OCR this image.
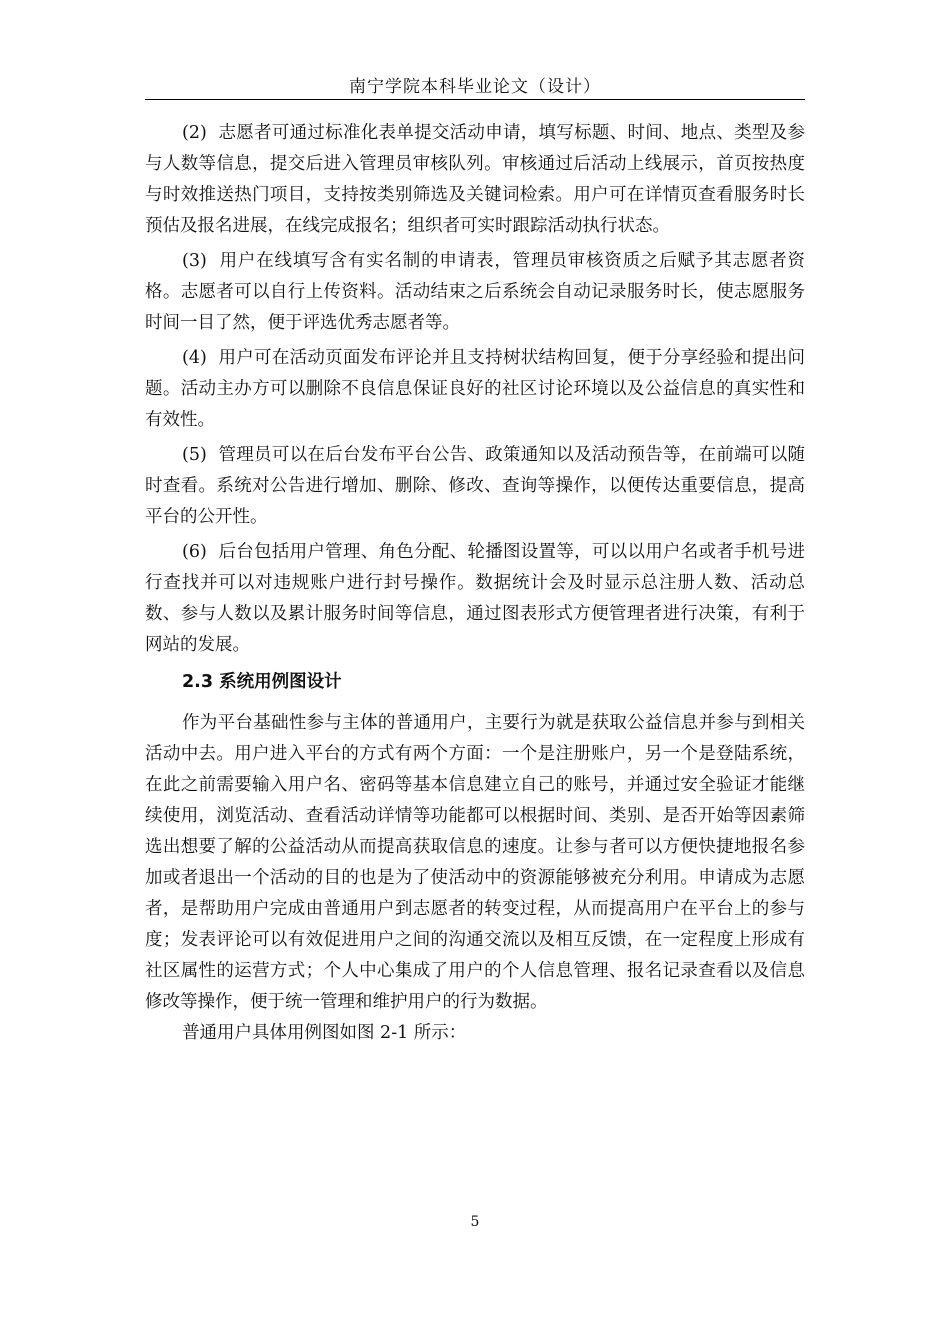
南宁学院本科毕业论文（设计）

(2) 志愿者可通过标准化表单提交活动申请，填写标题、时间、地点、类型及参与人数等信息，提交后进入管理员审核队列。审核通过后活动上线展示，首页按热度与时效推送热门项目，支持按类别筛选及关键词检索。用户可在详情页查看服务时长预估及报名进展，在线完成报名；组织者可实时跟踪活动执行状态。

(3) 用户在线填写含有实名制的申请表，管理员审核资质之后赋予其志愿者资格。志愿者可以自行上传资料。活动结束之后系统会自动记录服务时长，使志愿服务时间一目了然，便于评选优秀志愿者等。

(4) 用户可在活动页面发布评论并且支持树状结构回复，便于分享经验和提出问题。活动主办方可以删除不良信息保证良好的社区讨论环境以及公益信息的真实性和有效性。

(5) 管理员可以在后台发布平台公告、政策通知以及活动预告等，在前端可以随时查看。系统对公告进行增加、删除、修改、查询等操作，以便传达重要信息，提高平台的公开性。

(6) 后台包括用户管理、角色分配、轮播图设置等，可以以用户名或者手机号进行查找并可以对违规账户进行封号操作。数据统计会及时显示总注册人数、活动总数、参与人数以及累计服务时间等信息，通过图表形式方便管理者进行决策，有利于网站的发展。

2.3 系统用例图设计

作为平台基础性参与主体的普通用户，主要行为就是获取公益信息并参与到相关活动中去。用户进入平台的方式有两个方面：一个是注册账户，另一个是登陆系统，在此之前需要输入用户名、密码等基本信息建立自己的账号，并通过安全验证才能继续使用，浏览活动、查看活动详情等功能都可以根据时间、类别、是否开始等因素筛选出想要了解的公益活动从而提高获取信息的速度。让参与者可以方便快捷地报名参加或者退出一个活动的目的也是为了使活动中的资源能够被充分利用。申请成为志愿者，是帮助用户完成由普通用户到志愿者的转变过程，从而提高用户在平台上的参与度；发表评论可以有效促进用户之间的沟通交流以及相互反馈，在一定程度上形成有社区属性的运营方式；个人中心集成了用户的个人信息管理、报名记录查看以及信息修改等操作，便于统一管理和维护用户的行为数据。

普通用户具体用例图如图 2-1 所示：

5
